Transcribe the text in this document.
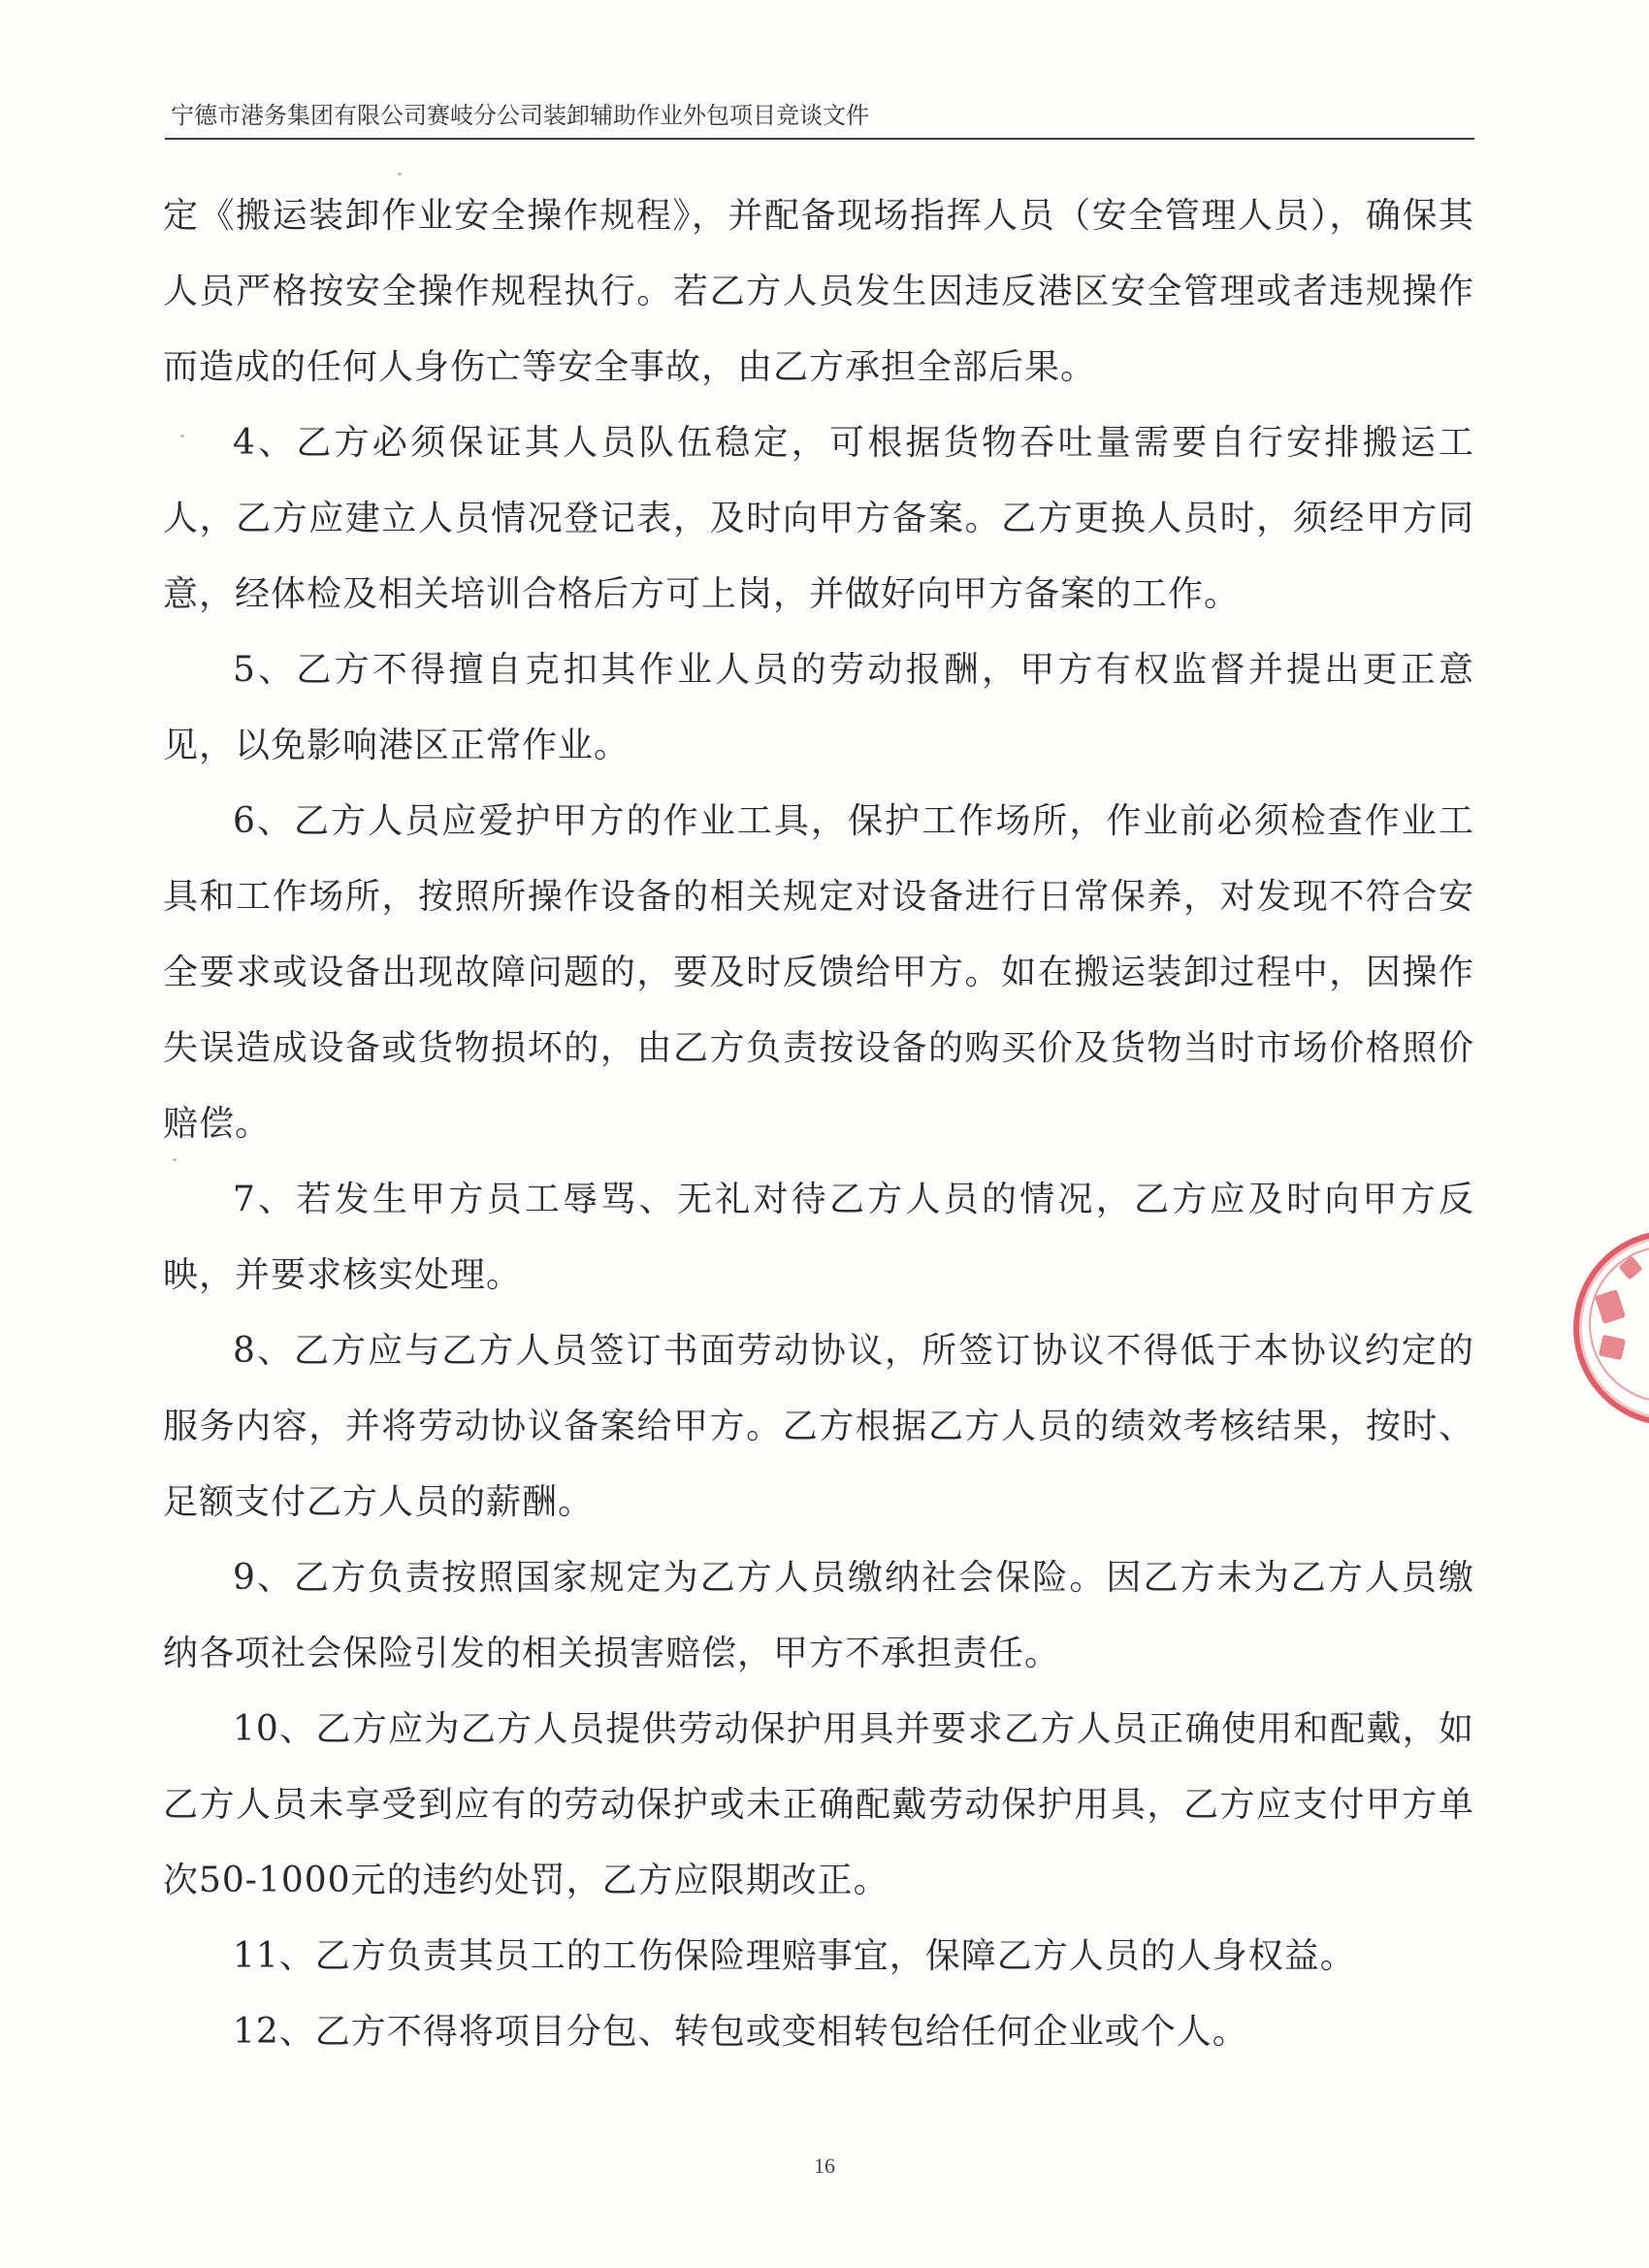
宁德市港务集团有限公司赛岐分公司装卸辅助作业外包项目竞谈文件

定《搬运装卸作业安全操作规程》，并配备现场指挥人员（安全管理人员），确保其人员严格按安全操作规程执行。若乙方人员发生因违反港区安全管理或者违规操作而造成的任何人身伤亡等安全事故，由乙方承担全部后果。

4、乙方必须保证其人员队伍稳定，可根据货物吞吐量需要自行安排搬运工人，乙方应建立人员情况登记表，及时向甲方备案。乙方更换人员时，须经甲方同意，经体检及相关培训合格后方可上岗，并做好向甲方备案的工作。

5、乙方不得擅自克扣其作业人员的劳动报酬，甲方有权监督并提出更正意见，以免影响港区正常作业。

6、乙方人员应爱护甲方的作业工具，保护工作场所，作业前必须检查作业工具和工作场所，按照所操作设备的相关规定对设备进行日常保养，对发现不符合安全要求或设备出现故障问题的，要及时反馈给甲方。如在搬运装卸过程中，因操作失误造成设备或货物损坏的，由乙方负责按设备的购买价及货物当时市场价格照价赔偿。

7、若发生甲方员工辱骂、无礼对待乙方人员的情况，乙方应及时向甲方反映，并要求核实处理。

8、乙方应与乙方人员签订书面劳动协议，所签订协议不得低于本协议约定的服务内容，并将劳动协议备案给甲方。乙方根据乙方人员的绩效考核结果，按时、足额支付乙方人员的薪酬。

9、乙方负责按照国家规定为乙方人员缴纳社会保险。因乙方未为乙方人员缴纳各项社会保险引发的相关损害赔偿，甲方不承担责任。

10、乙方应为乙方人员提供劳动保护用具并要求乙方人员正确使用和配戴，如乙方人员未享受到应有的劳动保护或未正确配戴劳动保护用具，乙方应支付甲方单次50-1000元的违约处罚，乙方应限期改正。

11、乙方负责其员工的工伤保险理赔事宜，保障乙方人员的人身权益。

12、乙方不得将项目分包、转包或变相转包给任何企业或个人。

16
